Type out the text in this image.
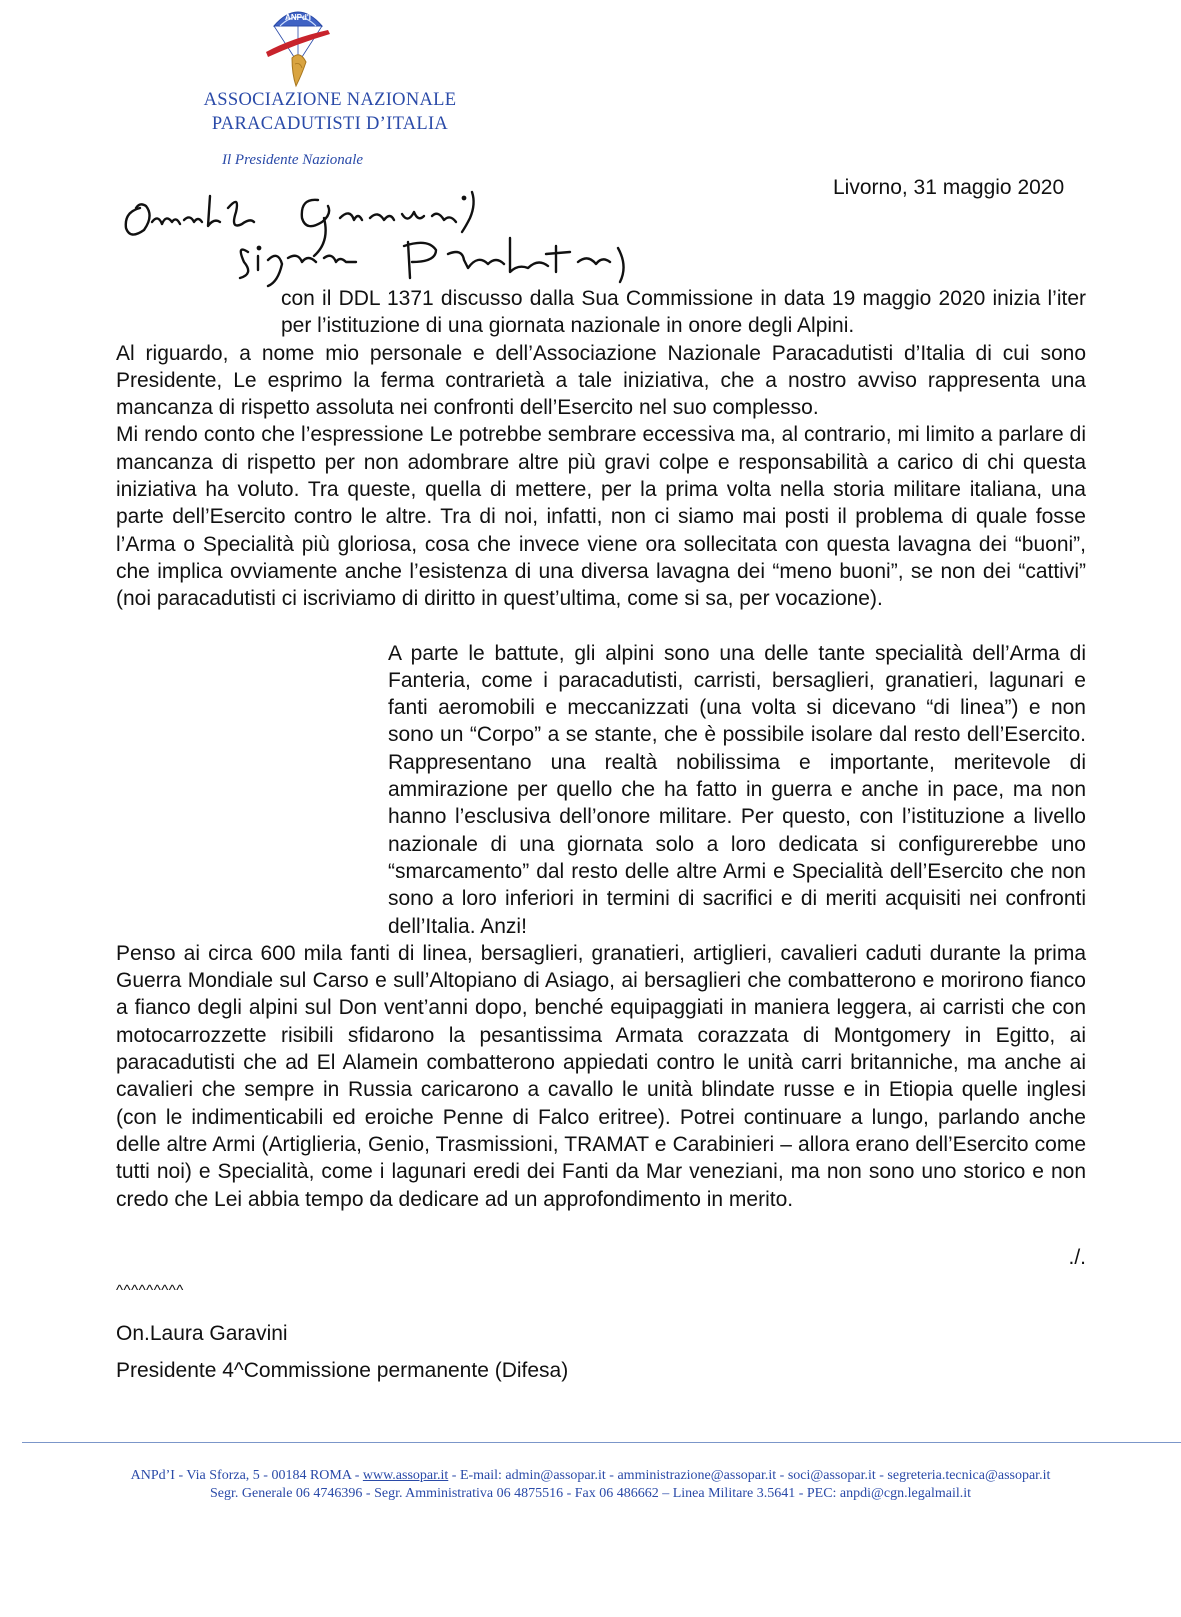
ANPd'I
ASSOCIAZIONE NAZIONALE
PARACADUTISTI D’ITALIA
Il Presidente Nazionale
Livorno, 31 maggio 2020

con il DDL 1371 discusso dalla Sua Commissione in data 19 maggio 2020 inizia l’iter per l’istituzione di una giornata nazionale in onore degli Alpini.

Al riguardo, a nome mio personale e dell’Associazione Nazionale Paracadutisti d’Italia di cui sono Presidente, Le esprimo la ferma contrarietà a tale iniziativa, che a nostro avviso rappresenta una mancanza di rispetto assoluta nei confronti dell’Esercito nel suo complesso.

Mi rendo conto che l’espressione Le potrebbe sembrare eccessiva ma, al contrario, mi limito a parlare di mancanza di rispetto per non adombrare altre più gravi colpe e responsabilità a carico di chi questa iniziativa ha voluto. Tra queste, quella di mettere, per la prima volta nella storia militare italiana, una parte dell’Esercito contro le altre. Tra di noi, infatti, non ci siamo mai posti il problema di quale fosse l’Arma o Specialità più gloriosa, cosa che invece viene ora sollecitata con questa lavagna dei “buoni”, che implica ovviamente anche l’esistenza di una diversa lavagna dei “meno buoni”, se non dei “cattivi” (noi paracadutisti ci iscriviamo di diritto in quest’ultima, come si sa, per vocazione).

A parte le battute, gli alpini sono una delle tante specialità dell’Arma di Fanteria, come i paracadutisti, carristi, bersaglieri, granatieri, lagunari e fanti aeromobili e meccanizzati (una volta si dicevano “di linea”) e non sono un “Corpo” a se stante, che è possibile isolare dal resto dell’Esercito. Rappresentano una realtà nobilissima e importante, meritevole di ammirazione per quello che ha fatto in guerra e anche in pace, ma non hanno l’esclusiva dell’onore militare. Per questo, con l’istituzione a livello nazionale di una giornata solo a loro dedicata si configurerebbe uno “smarcamento” dal resto delle altre Armi e Specialità dell’Esercito che non sono a loro inferiori in termini di sacrifici e di meriti acquisiti nei confronti dell’Italia. Anzi!

Penso ai circa 600 mila fanti di linea, bersaglieri, granatieri, artiglieri, cavalieri caduti durante la prima Guerra Mondiale sul Carso e sull’Altopiano di Asiago, ai bersaglieri che combatterono e morirono fianco a fianco degli alpini sul Don vent’anni dopo, benché equipaggiati in maniera leggera, ai carristi che con motocarrozzette risibili sfidarono la pesantissima Armata corazzata di Montgomery in Egitto, ai paracadutisti che ad El Alamein combatterono appiedati contro le unità carri britanniche, ma anche ai cavalieri che sempre in Russia caricarono a cavallo le unità blindate russe e in Etiopia quelle inglesi (con le indimenticabili ed eroiche Penne di Falco eritree). Potrei continuare a lungo, parlando anche delle altre Armi (Artiglieria, Genio, Trasmissioni, TRAMAT e Carabinieri – allora erano dell’Esercito come tutti noi) e Specialità, come i lagunari eredi dei Fanti da Mar veneziani, ma non sono uno storico e non credo che Lei abbia tempo da dedicare ad un approfondimento in merito.

./.
^^^^^^^^^
On.Laura Garavini
Presidente 4^Commissione permanente (Difesa)
ANPd’I - Via Sforza, 5 - 00184 ROMA - www.assopar.it - E-mail: admin@assopar.it - amministrazione@assopar.it - soci@assopar.it - segreteria.tecnica@assopar.it
Segr. Generale 06 4746396 - Segr. Amministrativa 06 4875516 - Fax 06 486662 – Linea Militare 3.5641 - PEC: anpdi@cgn.legalmail.it
